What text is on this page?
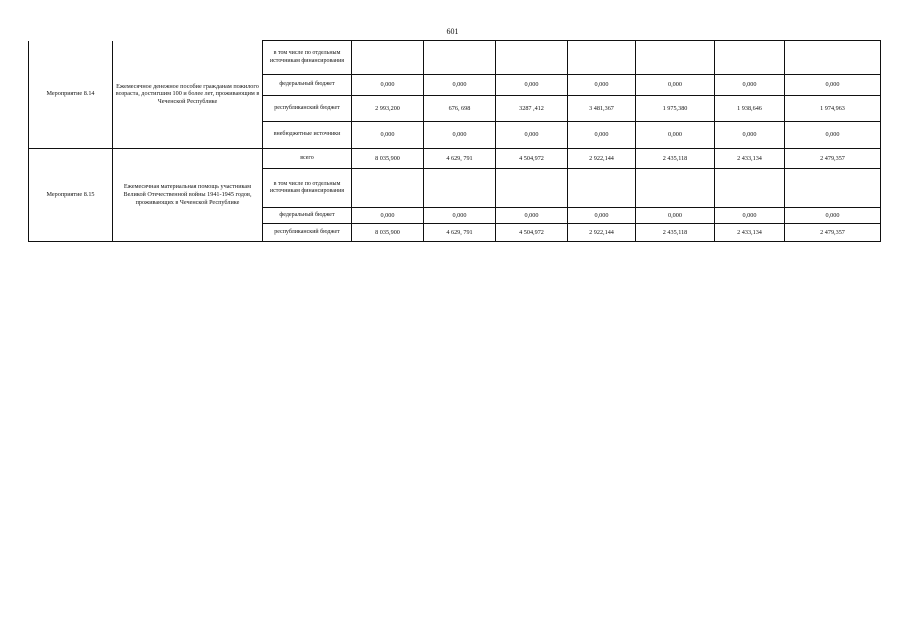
601
Мероприятие 8.14	Ежемесячное денежное пособие гражданам пожилого возраста, достигшим 100 и более лет, проживающим в Чеченской Республике	в том числе по отдельным источникам финансирования							
		федеральный бюджет	0,000	0,000	0,000	0,000	0,000	0,000	0,000
		республиканский бюджет	2 993,200	676, 698	3287 ,412	3 481,367	1 975,380	1 938,646	1 974,963
		внебюджетные источники	0,000	0,000	0,000	0,000	0,000	0,000	0,000
Мероприятие 8.15	Ежемесячная материальная помощь участникам Великой Отечественной войны 1941-1945 годов, проживающих в Чеченской Республике	всего	8 035,900	4 629, 791	4 504,972	2 922,144	2 435,118	2 433,134	2 479,357
		в том числе по отдельным источникам финансирования							
		федеральный бюджет	0,000	0,000	0,000	0,000	0,000	0,000	0,000
		республиканский бюджет	8 035,900	4 629, 791	4 504,972	2 922,144	2 435,118	2 433,134	2 479,357
